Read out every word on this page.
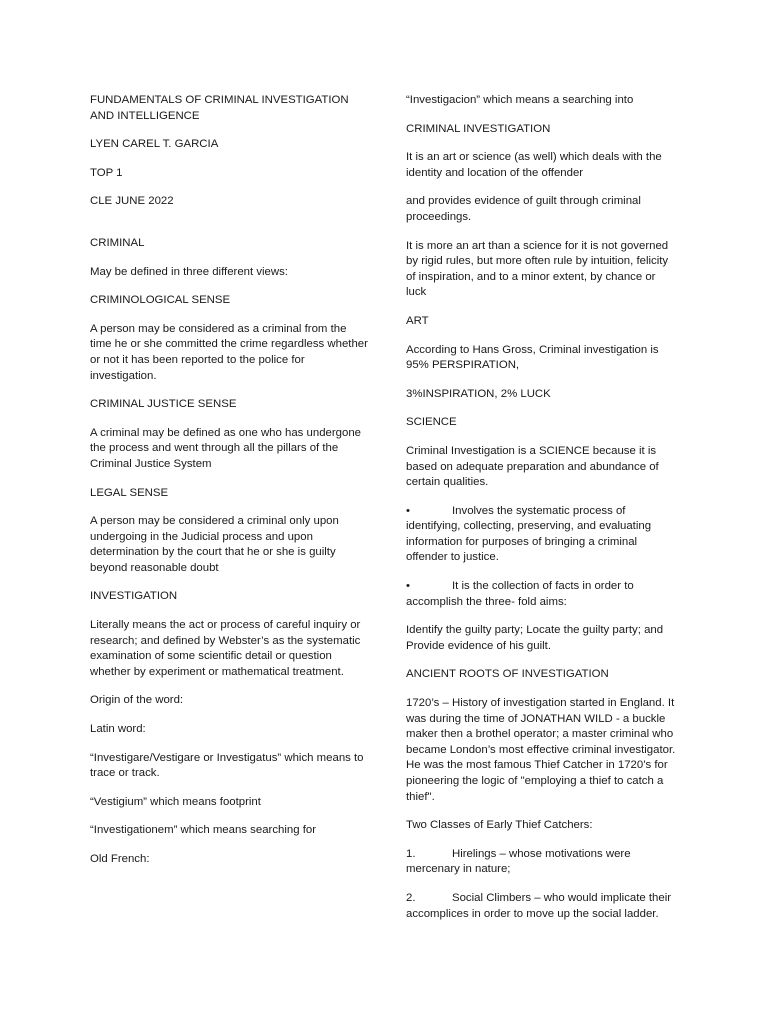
FUNDAMENTALS OF CRIMINAL INVESTIGATION AND INTELLIGENCE

LYEN CAREL T. GARCIA

TOP 1

CLE JUNE 2022

CRIMINAL

May be defined in three different views:

CRIMINOLOGICAL SENSE

A person may be considered as a criminal from the time he or she committed the crime regardless whether or not it has been reported to the police for investigation.

CRIMINAL JUSTICE SENSE

A criminal may be defined as one who has undergone the process and went through all the pillars of the Criminal Justice System

LEGAL SENSE

A person may be considered a criminal only upon undergoing in the Judicial process and upon determination by the court that he or she is guilty beyond reasonable doubt

INVESTIGATION

Literally means the act or process of careful inquiry or research; and defined by Webster’s as the systematic examination of some scientific detail or question whether by experiment or mathematical treatment.

Origin of the word:

Latin word:

“Investigare/Vestigare or Investigatus” which means to trace or track.

“Vestigium” which means footprint

“Investigationem” which means searching for

Old French:

“Investigacion” which means a searching into

CRIMINAL INVESTIGATION

It is an art or science (as well) which deals with the identity and location of the offender

and provides evidence of guilt through criminal proceedings.

It is more an art than a science for it is not governed by rigid rules, but more often rule by intuition, felicity of inspiration, and to a minor extent, by chance or luck

ART

According to Hans Gross, Criminal investigation is 95% PERSPIRATION,

3%INSPIRATION, 2% LUCK

SCIENCE

Criminal Investigation is a SCIENCE because it is based on adequate preparation and abundance of certain qualities.

•	Involves the systematic process of identifying, collecting, preserving, and evaluating information for purposes of bringing a criminal offender to justice.

•	It is the collection of facts in order to accomplish the three- fold aims:

Identify the guilty party; Locate the guilty party; and Provide evidence of his guilt.

ANCIENT ROOTS OF INVESTIGATION

1720’s – History of investigation started in England. It was during the time of JONATHAN WILD - a buckle maker then a brothel operator; a master criminal who became London’s most effective criminal investigator. He was the most famous Thief Catcher in 1720’s for pioneering the logic of "employing a thief to catch a thief".

Two Classes of Early Thief Catchers:

1.	Hirelings – whose motivations were mercenary in nature;

2.	Social Climbers – who would implicate their accomplices in order to move up the social ladder.
